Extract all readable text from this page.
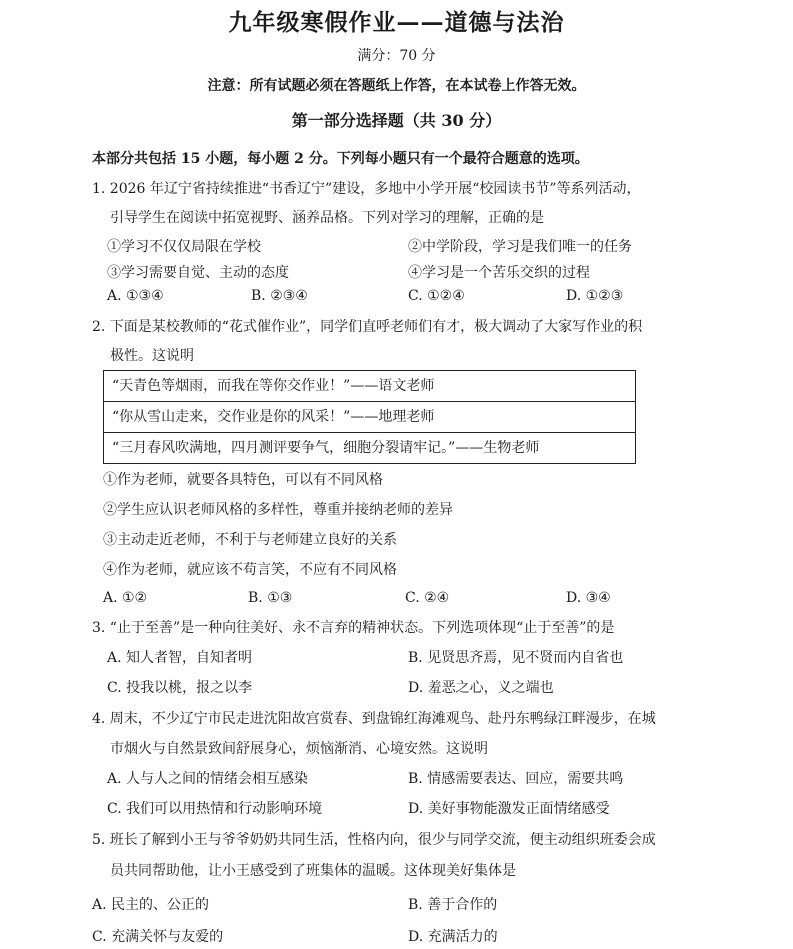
九年级寒假作业——道德与法治
满分：70 分
注意：所有试题必须在答题纸上作答，在本试卷上作答无效。
第一部分选择题（共 30 分）
本部分共包括 15 小题，每小题 2 分。下列每小题只有一个最符合题意的选项。
1. 2026 年辽宁省持续推进“书香辽宁”建设，多地中小学开展“校园读书节”等系列活动，
引导学生在阅读中拓宽视野、涵养品格。下列对学习的理解，正确的是
①学习不仅仅局限在学校	②中学阶段，学习是我们唯一的任务
③学习需要自觉、主动的态度	④学习是一个苦乐交织的过程
A. ①③④	B. ②③④	C. ①②④	D. ①②③
2. 下面是某校教师的“花式催作业”，同学们直呼老师们有才，极大调动了大家写作业的积
极性。这说明
“天青色等烟雨，而我在等你交作业！”——语文老师
“你从雪山走来，交作业是你的风采！”——地理老师
“三月春风吹满地，四月测评要争气，细胞分裂请牢记。”——生物老师
①作为老师，就要各具特色，可以有不同风格
②学生应认识老师风格的多样性，尊重并接纳老师的差异
③主动走近老师，不利于与老师建立良好的关系
④作为老师，就应该不苟言笑，不应有不同风格
A. ①②	B. ①③	C. ②④	D. ③④
3. “止于至善”是一种向往美好、永不言弃的精神状态。下列选项体现“止于至善”的是
A. 知人者智，自知者明	B. 见贤思齐焉，见不贤而内自省也
C. 投我以桃，报之以李	D. 羞恶之心，义之端也
4. 周末，不少辽宁市民走进沈阳故宫赏春、到盘锦红海滩观鸟、赴丹东鸭绿江畔漫步，在城
市烟火与自然景致间舒展身心，烦恼渐消、心境安然。这说明
A. 人与人之间的情绪会相互感染	B. 情感需要表达、回应，需要共鸣
C. 我们可以用热情和行动影响环境	D. 美好事物能激发正面情绪感受
5. 班长了解到小王与爷爷奶奶共同生活，性格内向，很少与同学交流，便主动组织班委会成
员共同帮助他，让小王感受到了班集体的温暖。这体现美好集体是
A. 民主的、公正的	B. 善于合作的
C. 充满关怀与友爱的	D. 充满活力的
